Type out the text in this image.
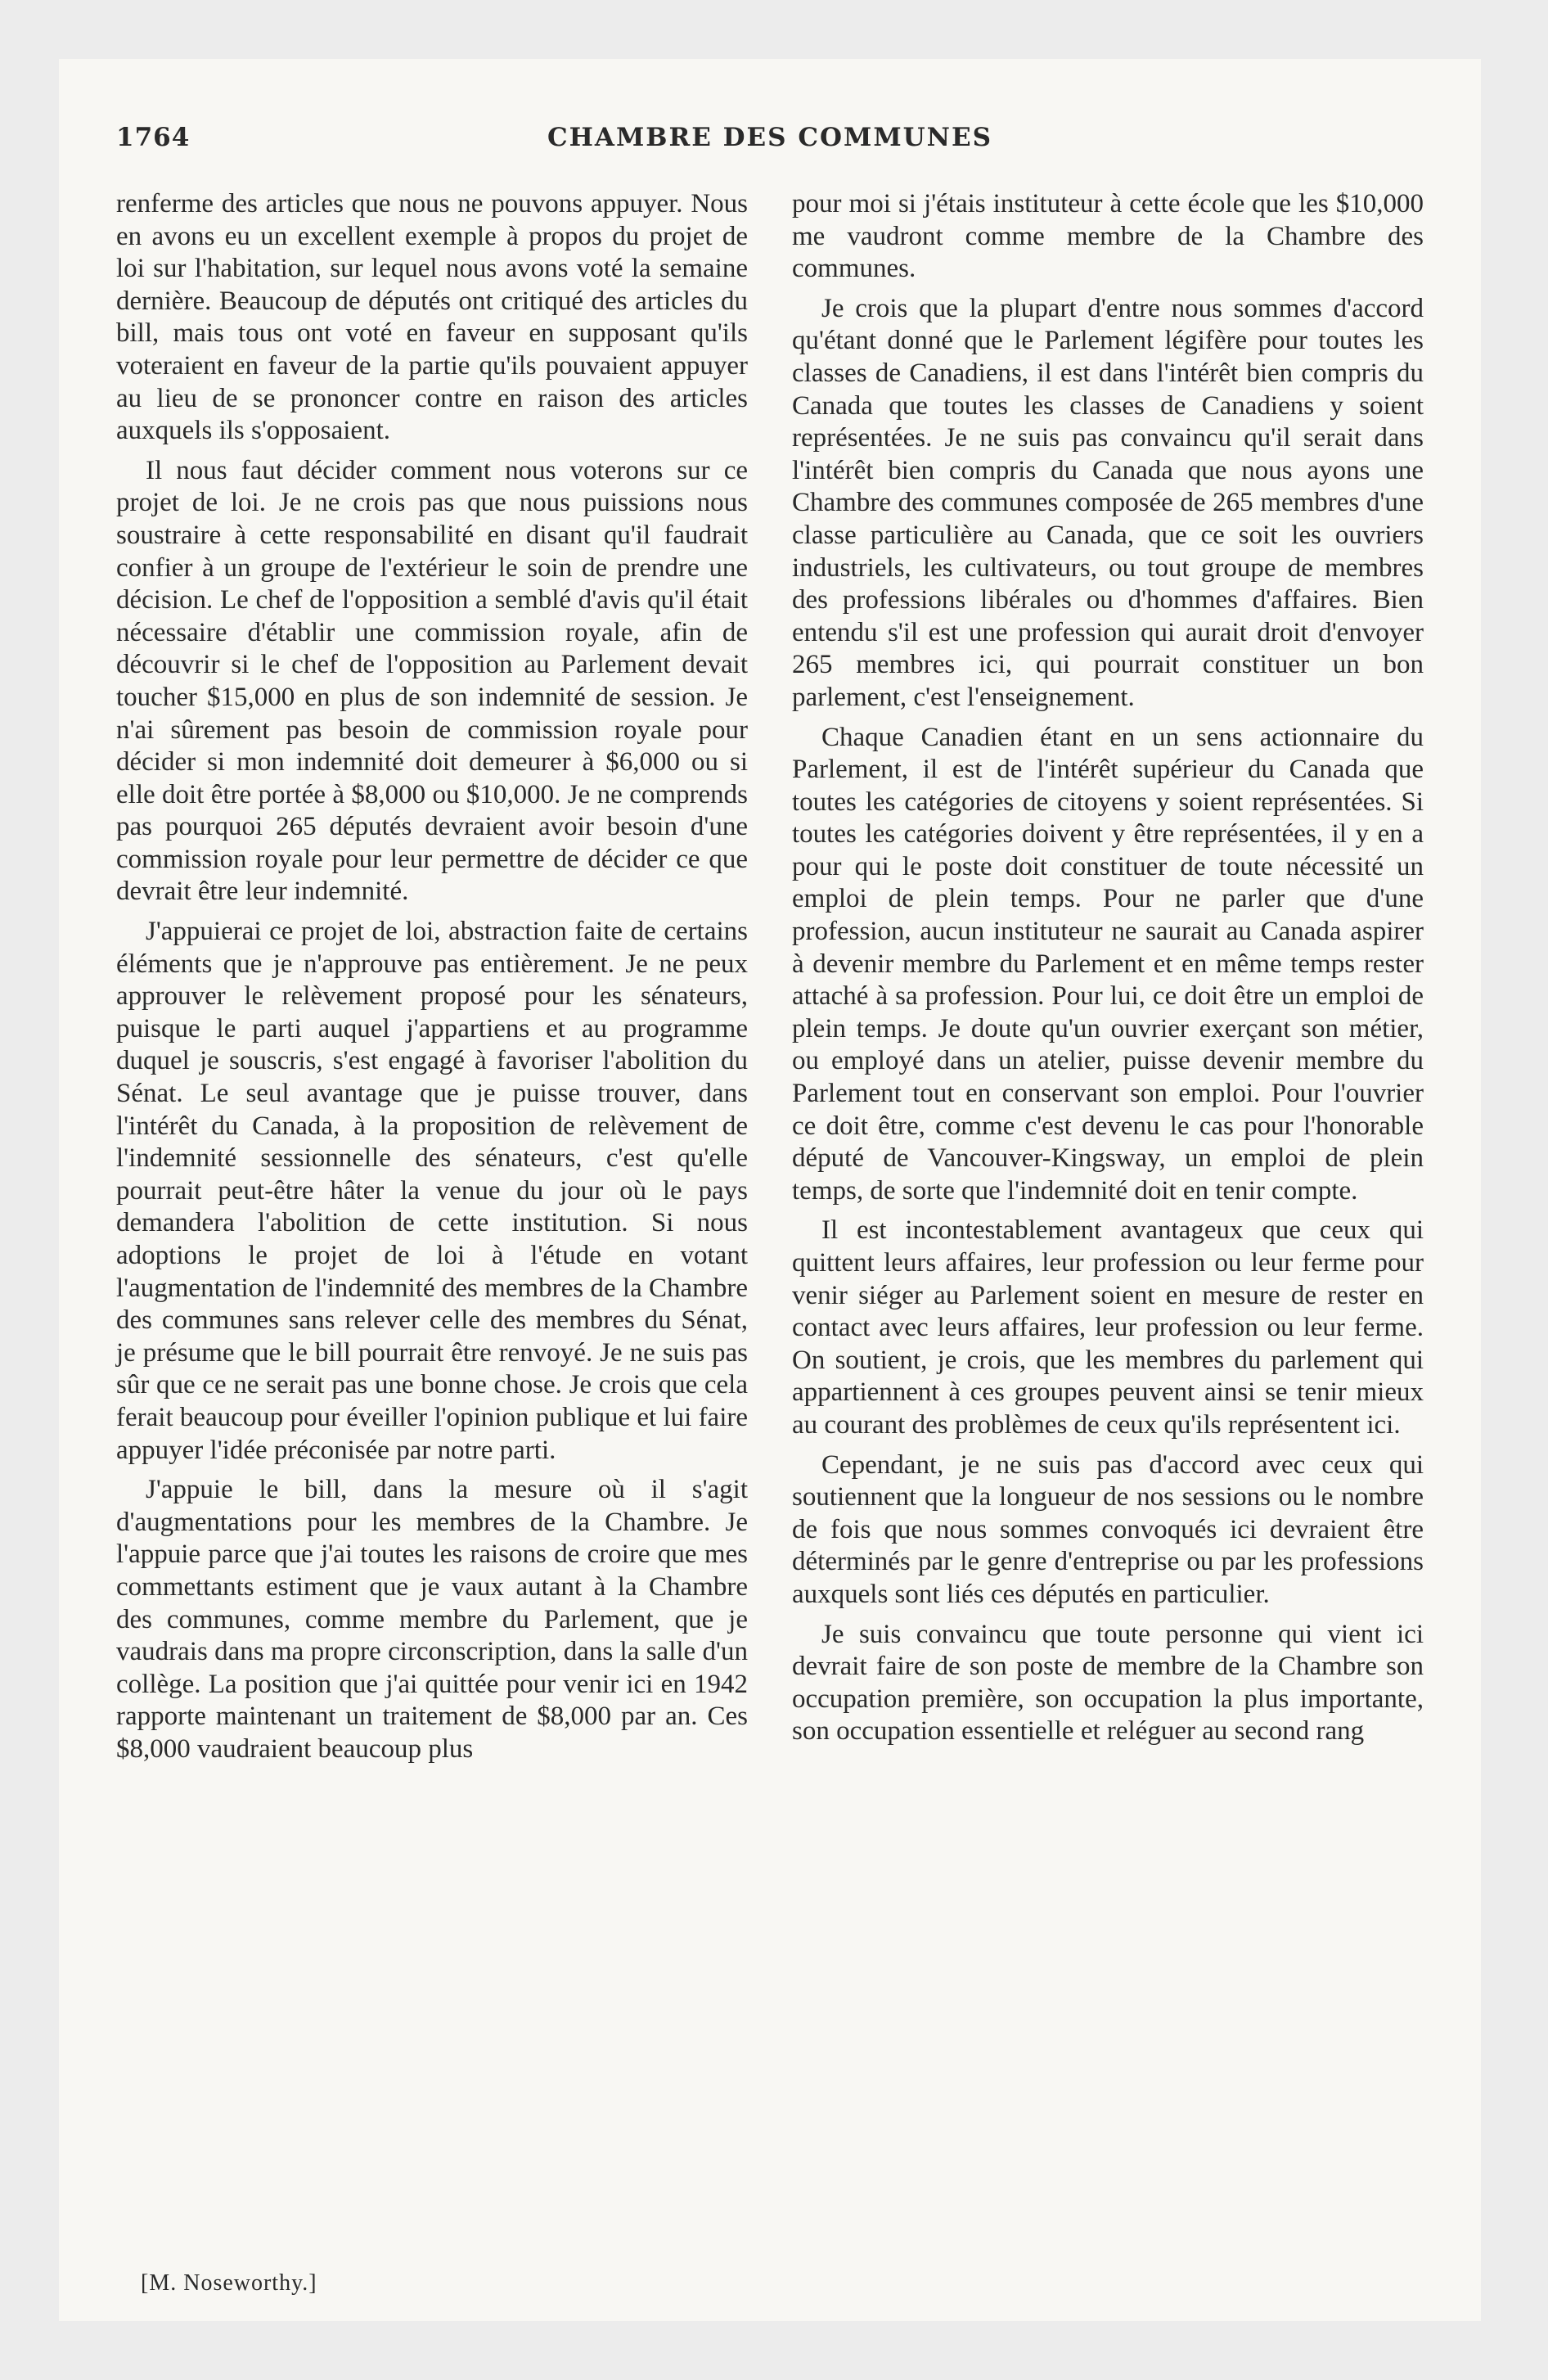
1764	CHAMBRE DES COMMUNES

renferme des articles que nous ne pouvons appuyer. Nous en avons eu un excellent exemple à propos du projet de loi sur l'habitation, sur lequel nous avons voté la semaine dernière. Beaucoup de députés ont critiqué des articles du bill, mais tous ont voté en faveur en supposant qu'ils voteraient en faveur de la partie qu'ils pouvaient appuyer au lieu de se prononcer contre en raison des articles auxquels ils s'opposaient.

Il nous faut décider comment nous voterons sur ce projet de loi. Je ne crois pas que nous puissions nous soustraire à cette responsabilité en disant qu'il faudrait confier à un groupe de l'extérieur le soin de prendre une décision. Le chef de l'opposition a semblé d'avis qu'il était nécessaire d'établir une commission royale, afin de découvrir si le chef de l'opposition au Parlement devait toucher $15,000 en plus de son indemnité de session. Je n'ai sûrement pas besoin de commission royale pour décider si mon indemnité doit demeurer à $6,000 ou si elle doit être portée à $8,000 ou $10,000. Je ne comprends pas pourquoi 265 députés devraient avoir besoin d'une commission royale pour leur permettre de décider ce que devrait être leur indemnité.

J'appuierai ce projet de loi, abstraction faite de certains éléments que je n'approuve pas entièrement. Je ne peux approuver le relèvement proposé pour les sénateurs, puisque le parti auquel j'appartiens et au programme duquel je souscris, s'est engagé à favoriser l'abolition du Sénat. Le seul avantage que je puisse trouver, dans l'intérêt du Canada, à la proposition de relèvement de l'indemnité sessionnelle des sénateurs, c'est qu'elle pourrait peut-être hâter la venue du jour où le pays demandera l'abolition de cette institution. Si nous adoptions le projet de loi à l'étude en votant l'augmentation de l'indemnité des membres de la Chambre des communes sans relever celle des membres du Sénat, je présume que le bill pourrait être renvoyé. Je ne suis pas sûr que ce ne serait pas une bonne chose. Je crois que cela ferait beaucoup pour éveiller l'opinion publique et lui faire appuyer l'idée préconisée par notre parti.

J'appuie le bill, dans la mesure où il s'agit d'augmentations pour les membres de la Chambre. Je l'appuie parce que j'ai toutes les raisons de croire que mes commettants estiment que je vaux autant à la Chambre des communes, comme membre du Parlement, que je vaudrais dans ma propre circonscription, dans la salle d'un collège. La position que j'ai quittée pour venir ici en 1942 rapporte maintenant un traitement de $8,000 par an. Ces $8,000 vaudraient beaucoup plus

pour moi si j'étais instituteur à cette école que les $10,000 me vaudront comme membre de la Chambre des communes.

Je crois que la plupart d'entre nous sommes d'accord qu'étant donné que le Parlement légifère pour toutes les classes de Canadiens, il est dans l'intérêt bien compris du Canada que toutes les classes de Canadiens y soient représentées. Je ne suis pas convaincu qu'il serait dans l'intérêt bien compris du Canada que nous ayons une Chambre des communes composée de 265 membres d'une classe particulière au Canada, que ce soit les ouvriers industriels, les cultivateurs, ou tout groupe de membres des professions libérales ou d'hommes d'affaires. Bien entendu s'il est une profession qui aurait droit d'envoyer 265 membres ici, qui pourrait constituer un bon parlement, c'est l'enseignement.

Chaque Canadien étant en un sens actionnaire du Parlement, il est de l'intérêt supérieur du Canada que toutes les catégories de citoyens y soient représentées. Si toutes les catégories doivent y être représentées, il y en a pour qui le poste doit constituer de toute nécessité un emploi de plein temps. Pour ne parler que d'une profession, aucun instituteur ne saurait au Canada aspirer à devenir membre du Parlement et en même temps rester attaché à sa profession. Pour lui, ce doit être un emploi de plein temps. Je doute qu'un ouvrier exerçant son métier, ou employé dans un atelier, puisse devenir membre du Parlement tout en conservant son emploi. Pour l'ouvrier ce doit être, comme c'est devenu le cas pour l'honorable député de Vancouver-Kingsway, un emploi de plein temps, de sorte que l'indemnité doit en tenir compte.

Il est incontestablement avantageux que ceux qui quittent leurs affaires, leur profession ou leur ferme pour venir siéger au Parlement soient en mesure de rester en contact avec leurs affaires, leur profession ou leur ferme. On soutient, je crois, que les membres du parlement qui appartiennent à ces groupes peuvent ainsi se tenir mieux au courant des problèmes de ceux qu'ils représentent ici.

Cependant, je ne suis pas d'accord avec ceux qui soutiennent que la longueur de nos sessions ou le nombre de fois que nous sommes convoqués ici devraient être déterminés par le genre d'entreprise ou par les professions auxquels sont liés ces députés en particulier.

Je suis convaincu que toute personne qui vient ici devrait faire de son poste de membre de la Chambre son occupation première, son occupation la plus importante, son occupation essentielle et reléguer au second rang

[M. Noseworthy.]
